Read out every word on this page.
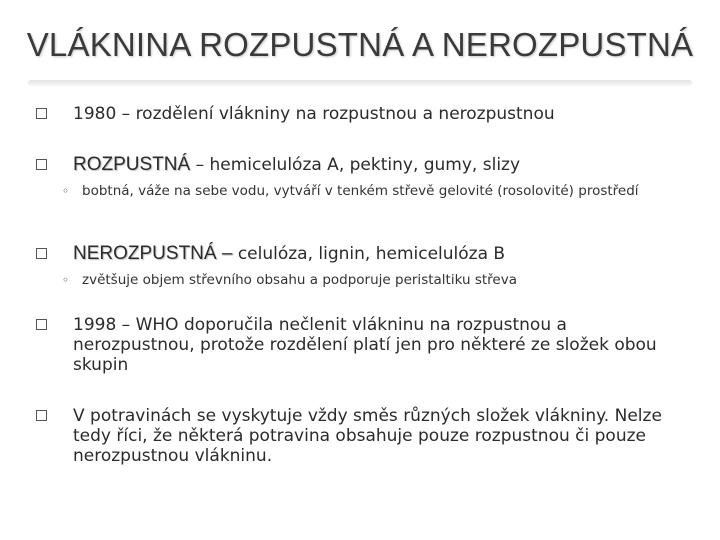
VLÁKNINA ROZPUSTNÁ A NEROZPUSTNÁ
1980 – rozdělení vlákniny na rozpustnou a nerozpustnou
ROZPUSTNÁ – hemicelulóza A, pektiny, gumy, slizy
◦ bobtná, váže na sebe vodu, vytváří v tenkém střevě gelovité (rosolovité) prostředí
NEROZPUSTNÁ – celulóza, lignin, hemicelulóza B
◦ zvětšuje objem střevního obsahu a podporuje peristaltiku střeva
1998 – WHO doporučila nečlenit vlákninu na rozpustnou a nerozpustnou, protože rozdělení platí jen pro některé ze složek obou skupin
V potravinách se vyskytuje vždy směs různých složek vlákniny. Nelze tedy říci, že některá potravina obsahuje pouze rozpustnou či pouze nerozpustnou vlákninu.
